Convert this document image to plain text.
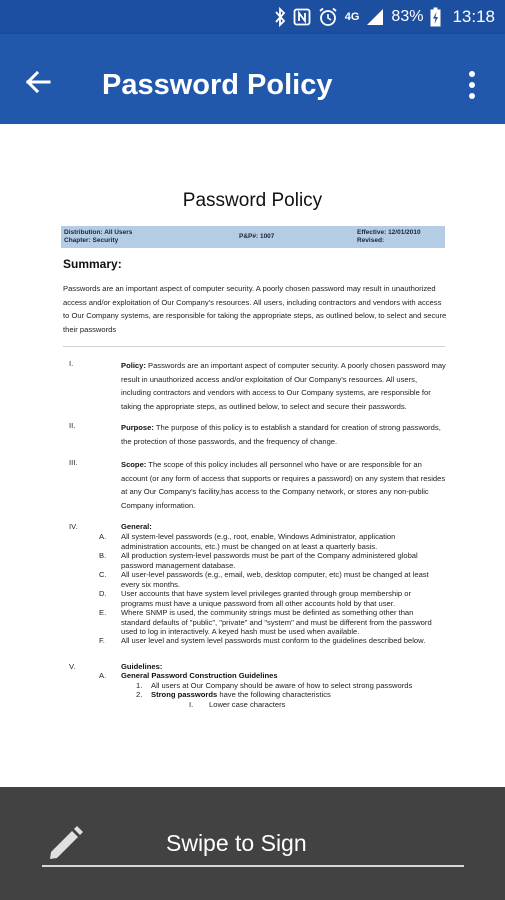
4G 83% 13:18
Password Policy
Password Policy
Distribution: All Users
Chapter: Security
P&P#: 1007
Effective: 12/01/2010
Revised:
Summary:
Passwords are an important aspect of computer security. A poorly chosen password may result in unauthorized access and/or exploitation of Our Company's resources. All users, including contractors and vendors with access to Our Company systems, are responsible for taking the appropriate steps, as outlined below, to select and secure their passwords
I.	Policy: Passwords are an important aspect of computer security. A poorly chosen password may result in unauthorized access and/or exploitation of Our Company's resources. All users, including contractors and vendors with access to Our Company systems, are responsible for taking the appropriate steps, as outlined below, to select and secure their passwords.
II.	Purpose: The purpose of this policy is to establish a standard for creation of strong passwords, the protection of those passwords, and the frequency of change.
III.	Scope: The scope of this policy includes all personnel who have or are responsible for an account (or any form of access that supports or requires a password) on any system that resides at any Our Company's facility,has access to the Company network, or stores any non-public Company information.
IV.	General:
A. All system-level passwords (e.g., root, enable, Windows Administrator, application administration accounts, etc.) must be changed on at least a quarterly basis.
B. All production system-level passwords must be part of the Company administered global password management database.
C. All user-level passwords (e.g., email, web, desktop computer, etc) must be changed at least every six months.
D. User accounts that have system level privileges granted through group membership or programs must have a unique password from all other accounts hold by that user.
E. Where SNMP is used, the community strings must be definted as something other than standard defaults of "public", "private" and "system" and must be different from the password used to log in interactively. A keyed hash must be used when available.
F. All user level and system level passwords must conform to the guidelines described below.
V.	Guidelines:
A. General Password Construction Guidelines
1. All users at Our Company should be aware of how to select strong passwords
2. Strong passwords have the following characteristics
I. Lower case characters
Swipe to Sign
